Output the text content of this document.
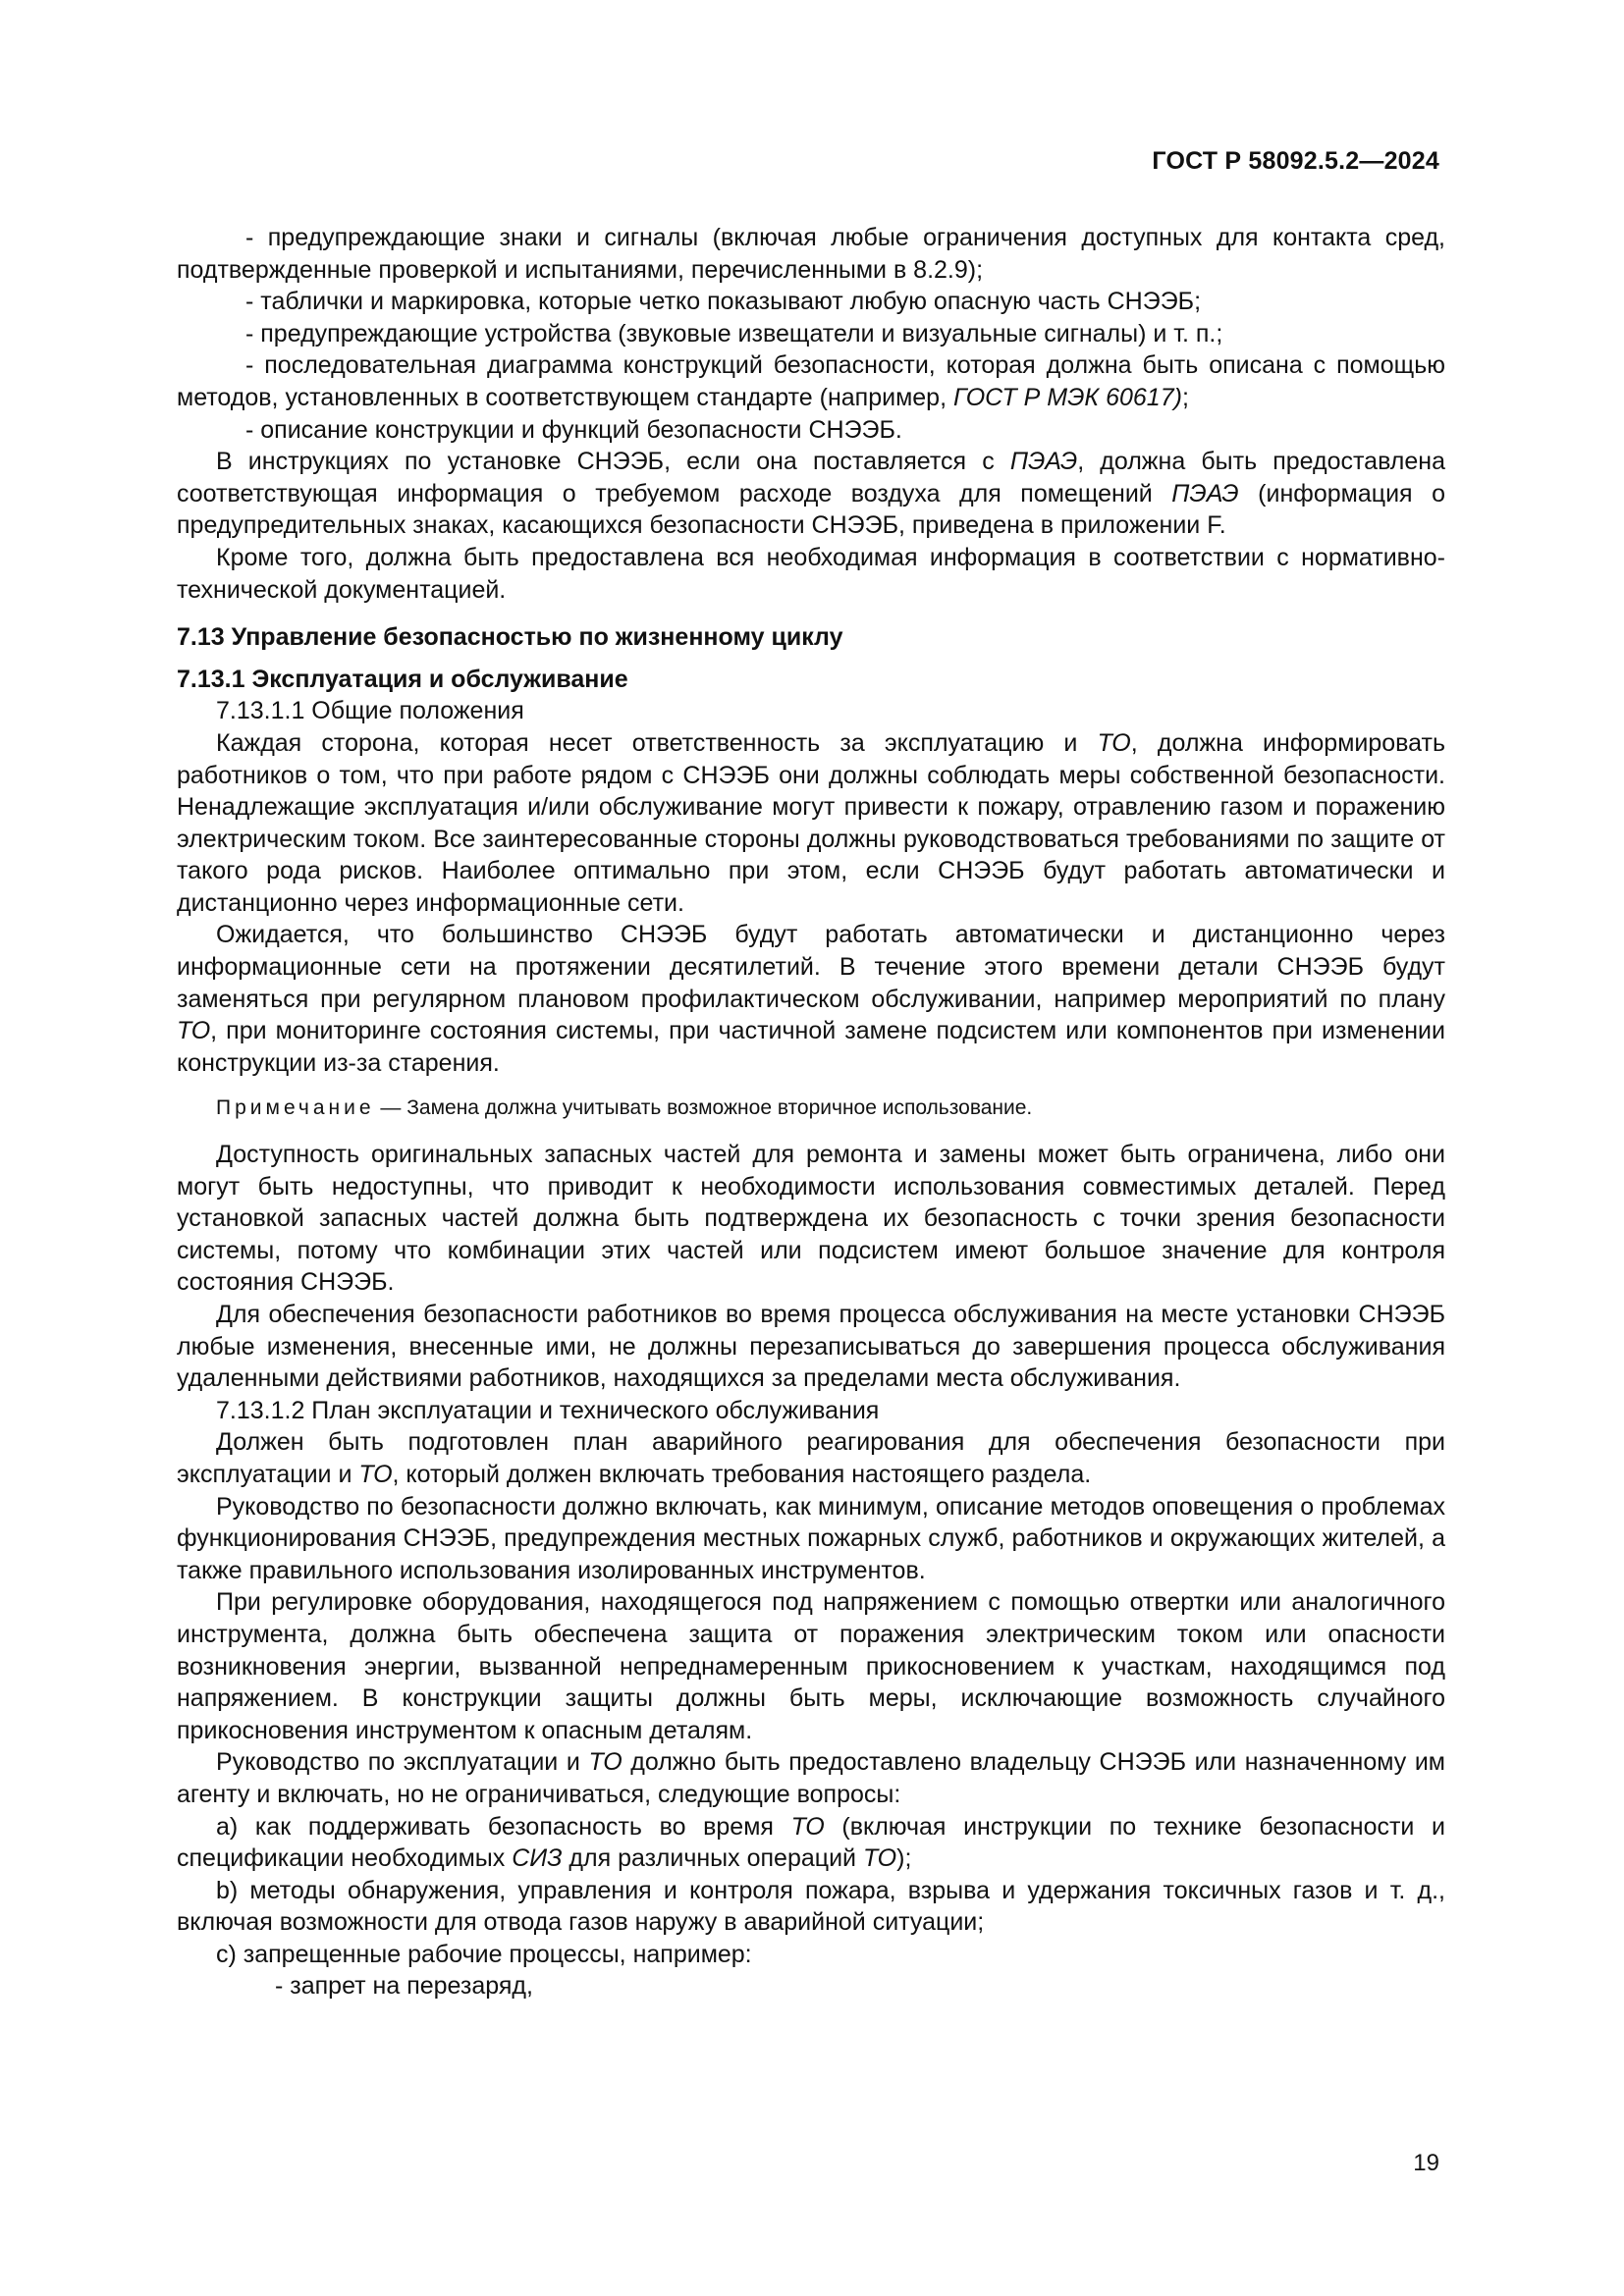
ГОСТ Р 58092.5.2—2024

- предупреждающие знаки и сигналы (включая любые ограничения доступных для контакта сред, подтвержденные проверкой и испытаниями, перечисленными в 8.2.9);

- таблички и маркировка, которые четко показывают любую опасную часть СНЭЭБ;

- предупреждающие устройства (звуковые извещатели и визуальные сигналы) и т. п.;

- последовательная диаграмма конструкций безопасности, которая должна быть описана с помощью методов, установленных в соответствующем стандарте (например, ГОСТ Р МЭК 60617);

- описание конструкции и функций безопасности СНЭЭБ.

В инструкциях по установке СНЭЭБ, если она поставляется с ПЭАЭ, должна быть предоставлена соответствующая информация о требуемом расходе воздуха для помещений ПЭАЭ (информация о предупредительных знаках, касающихся безопасности СНЭЭБ, приведена в приложении F.

Кроме того, должна быть предоставлена вся необходимая информация в соответствии с нормативно-технической документацией.

7.13 Управление безопасностью по жизненному циклу

7.13.1 Эксплуатация и обслуживание

7.13.1.1 Общие положения

Каждая сторона, которая несет ответственность за эксплуатацию и ТО, должна информировать работников о том, что при работе рядом с СНЭЭБ они должны соблюдать меры собственной безопасности. Ненадлежащие эксплуатация и/или обслуживание могут привести к пожару, отравлению газом и поражению электрическим током. Все заинтересованные стороны должны руководствоваться требованиями по защите от такого рода рисков. Наиболее оптимально при этом, если СНЭЭБ будут работать автоматически и дистанционно через информационные сети.

Ожидается, что большинство СНЭЭБ будут работать автоматически и дистанционно через информационные сети на протяжении десятилетий. В течение этого времени детали СНЭЭБ будут заменяться при регулярном плановом профилактическом обслуживании, например мероприятий по плану ТО, при мониторинге состояния системы, при частичной замене подсистем или компонентов при изменении конструкции из-за старения.

Примечание — Замена должна учитывать возможное вторичное использование.

Доступность оригинальных запасных частей для ремонта и замены может быть ограничена, либо они могут быть недоступны, что приводит к необходимости использования совместимых деталей. Перед установкой запасных частей должна быть подтверждена их безопасность с точки зрения безопасности системы, потому что комбинации этих частей или подсистем имеют большое значение для контроля состояния СНЭЭБ.

Для обеспечения безопасности работников во время процесса обслуживания на месте установки СНЭЭБ любые изменения, внесенные ими, не должны перезаписываться до завершения процесса обслуживания удаленными действиями работников, находящихся за пределами места обслуживания.

7.13.1.2 План эксплуатации и технического обслуживания

Должен быть подготовлен план аварийного реагирования для обеспечения безопасности при эксплуатации и ТО, который должен включать требования настоящего раздела.

Руководство по безопасности должно включать, как минимум, описание методов оповещения о проблемах функционирования СНЭЭБ, предупреждения местных пожарных служб, работников и окружающих жителей, а также правильного использования изолированных инструментов.

При регулировке оборудования, находящегося под напряжением с помощью отвертки или аналогичного инструмента, должна быть обеспечена защита от поражения электрическим током или опасности возникновения энергии, вызванной непреднамеренным прикосновением к участкам, находящимся под напряжением. В конструкции защиты должны быть меры, исключающие возможность случайного прикосновения инструментом к опасным деталям.

Руководство по эксплуатации и ТО должно быть предоставлено владельцу СНЭЭБ или назначенному им агенту и включать, но не ограничиваться, следующие вопросы:

a) как поддерживать безопасность во время ТО (включая инструкции по технике безопасности и спецификации необходимых СИЗ для различных операций ТО);

b) методы обнаружения, управления и контроля пожара, взрыва и удержания токсичных газов и т. д., включая возможности для отвода газов наружу в аварийной ситуации;

c) запрещенные рабочие процессы, например:

- запрет на перезаряд,

19
